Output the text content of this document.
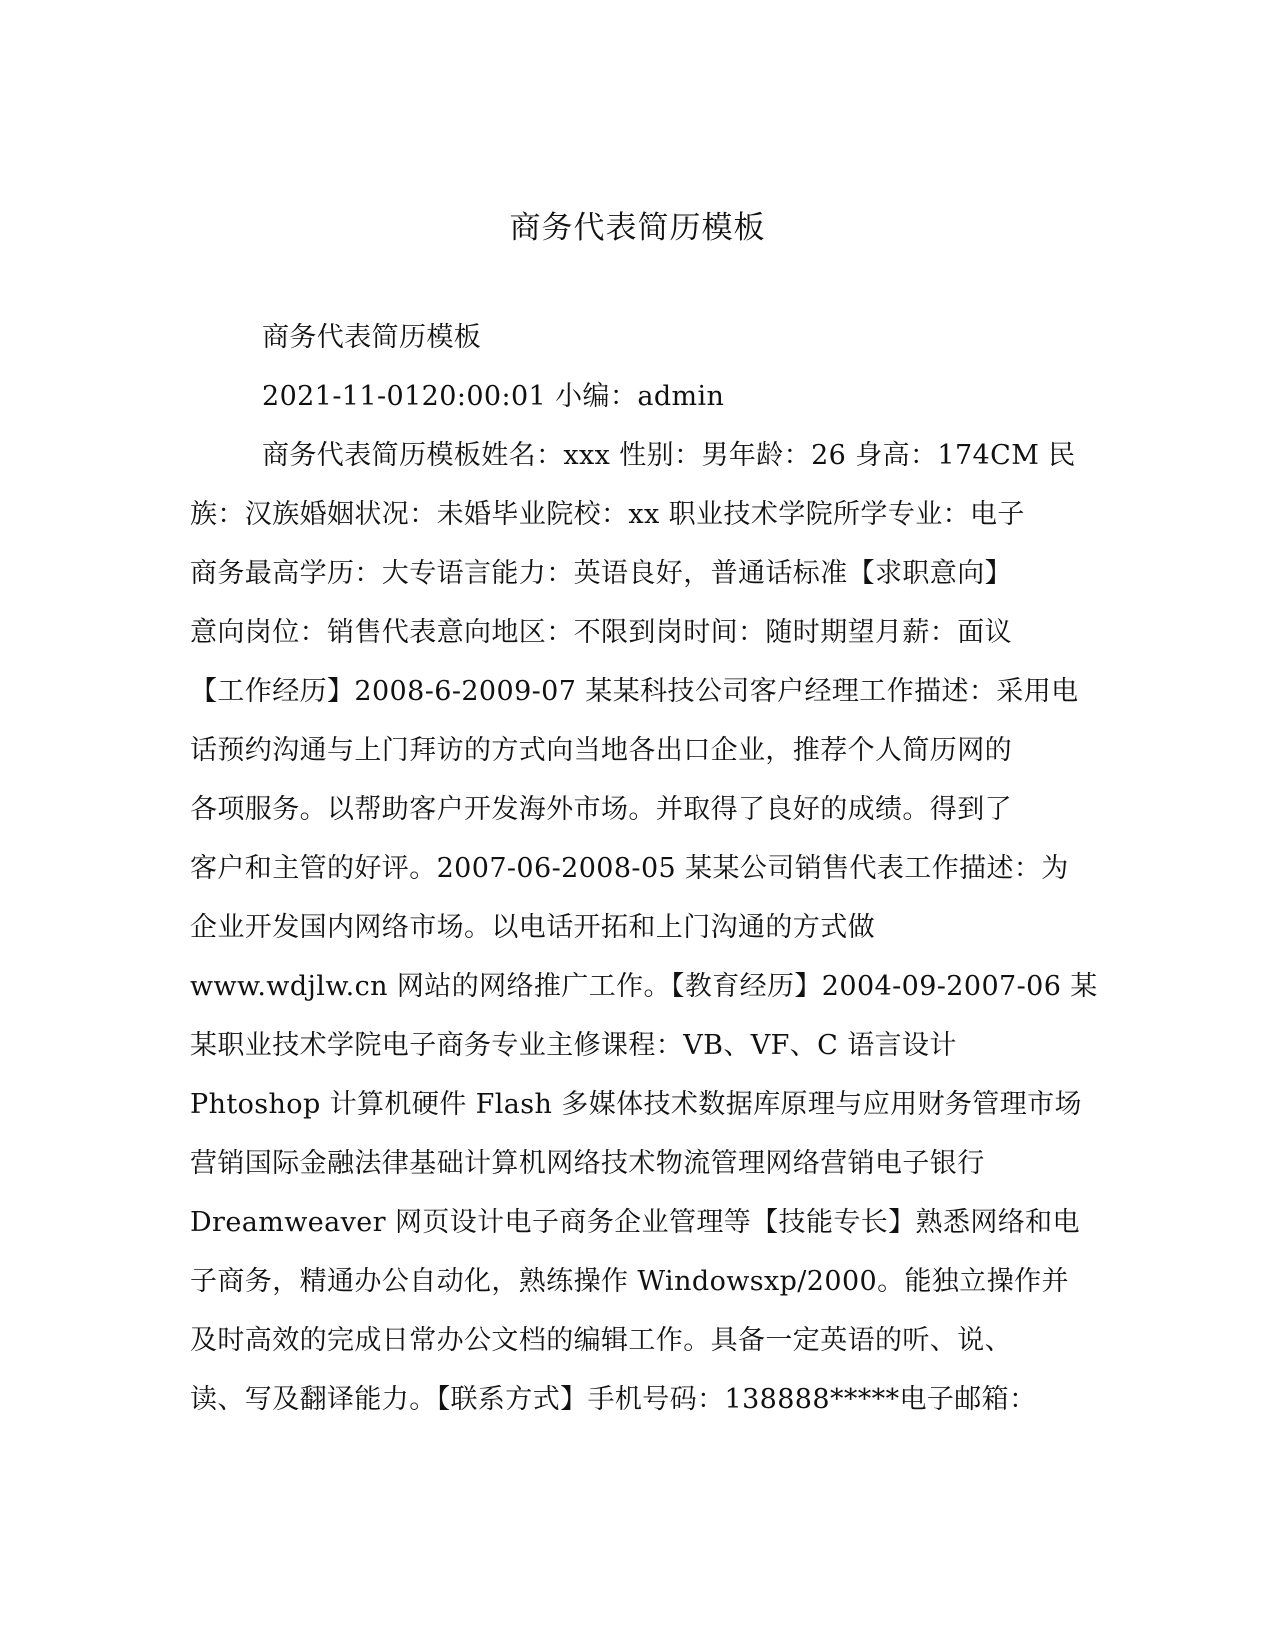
商务代表简历模板
商务代表简历模板
2021-11-0120:00:01 小编：admin
商务代表简历模板姓名：xxx 性别：男年龄：26 身高：174CM 民
族：汉族婚姻状况：未婚毕业院校：xx 职业技术学院所学专业：电子
商务最高学历：大专语言能力：英语良好，普通话标准【求职意向】
意向岗位：销售代表意向地区：不限到岗时间：随时期望月薪：面议
【工作经历】2008-6-2009-07 某某科技公司客户经理工作描述：采用电
话预约沟通与上门拜访的方式向当地各出口企业，推荐个人简历网的
各项服务。以帮助客户开发海外市场。并取得了良好的成绩。得到了
客户和主管的好评。2007-06-2008-05 某某公司销售代表工作描述：为
企业开发国内网络市场。以电话开拓和上门沟通的方式做
www.wdjlw.cn 网站的网络推广工作。【教育经历】2004-09-2007-06 某
某职业技术学院电子商务专业主修课程：VB、VF、C 语言设计
Phtoshop 计算机硬件 Flash 多媒体技术数据库原理与应用财务管理市场
营销国际金融法律基础计算机网络技术物流管理网络营销电子银行
Dreamweaver 网页设计电子商务企业管理等【技能专长】熟悉网络和电
子商务，精通办公自动化，熟练操作 Windowsxp/2000。能独立操作并
及时高效的完成日常办公文档的编辑工作。具备一定英语的听、说、
读、写及翻译能力。【联系方式】手机号码：138888*****电子邮箱：
